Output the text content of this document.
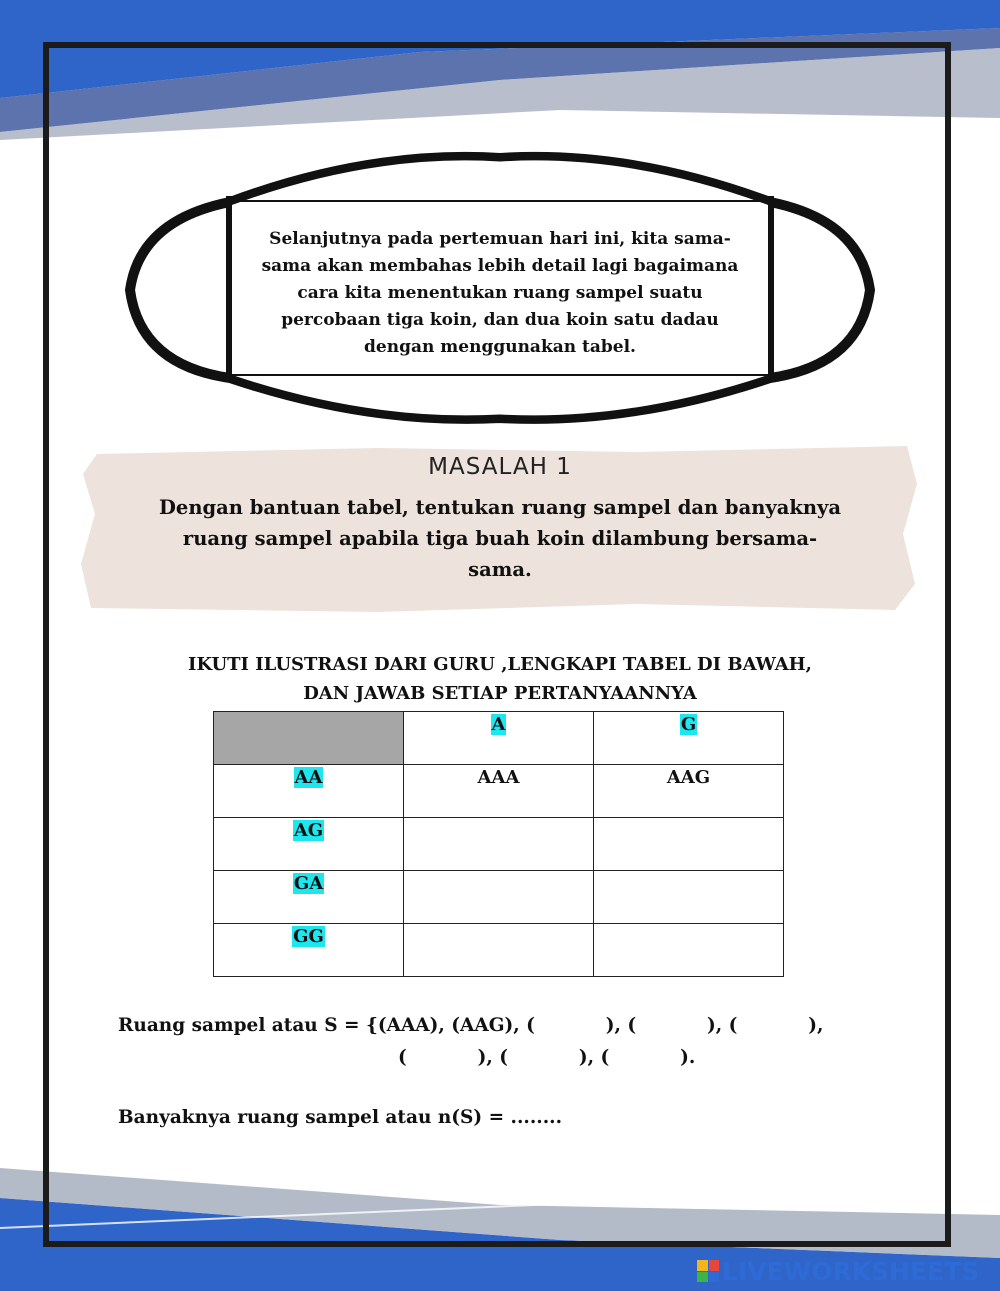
Selanjutnya pada pertemuan hari ini, kita sama-
sama akan membahas lebih detail lagi bagaimana
cara kita menentukan ruang sampel suatu
percobaan tiga koin, dan dua koin satu dadau
dengan menggunakan tabel.
MASALAH 1
Dengan bantuan tabel, tentukan ruang sampel dan banyaknya
ruang sampel apabila tiga buah koin dilambung bersama-
sama.
IKUTI ILUSTRASI DARI GURU ,LENGKAPI TABEL DI BAWAH,
DAN JAWAB SETIAP PERTANYAANNYA
	A	G
AA	AAA	AAG
AG		
GA		
GG		
Ruang sampel atau S = {(AAA), (AAG), (           ), (           ), (           ),
(           ), (           ), (           ).
Banyaknya ruang sampel atau n(S) = ........
LIVEWORKSHEETS
